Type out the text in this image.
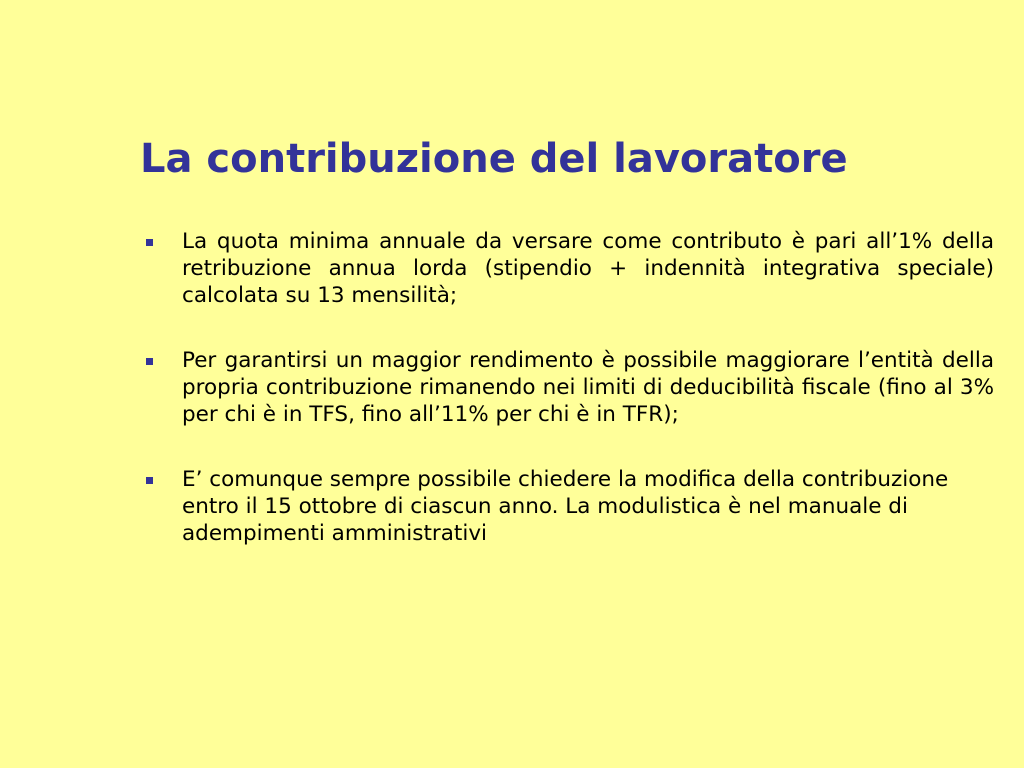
La contribuzione del lavoratore
La quota minima annuale da versare come contributo è pari all’1% della retribuzione annua lorda (stipendio + indennità integrativa speciale) calcolata su 13 mensilità;
Per garantirsi un maggior rendimento è possibile maggiorare l’entità della propria contribuzione rimanendo nei limiti di deducibilità fiscale (fino al 3% per chi è in TFS, fino all’11% per chi è in TFR);
E’ comunque sempre possibile chiedere la modifica della contribuzione entro il 15 ottobre di ciascun anno. La modulistica è nel manuale di adempimenti amministrativi
